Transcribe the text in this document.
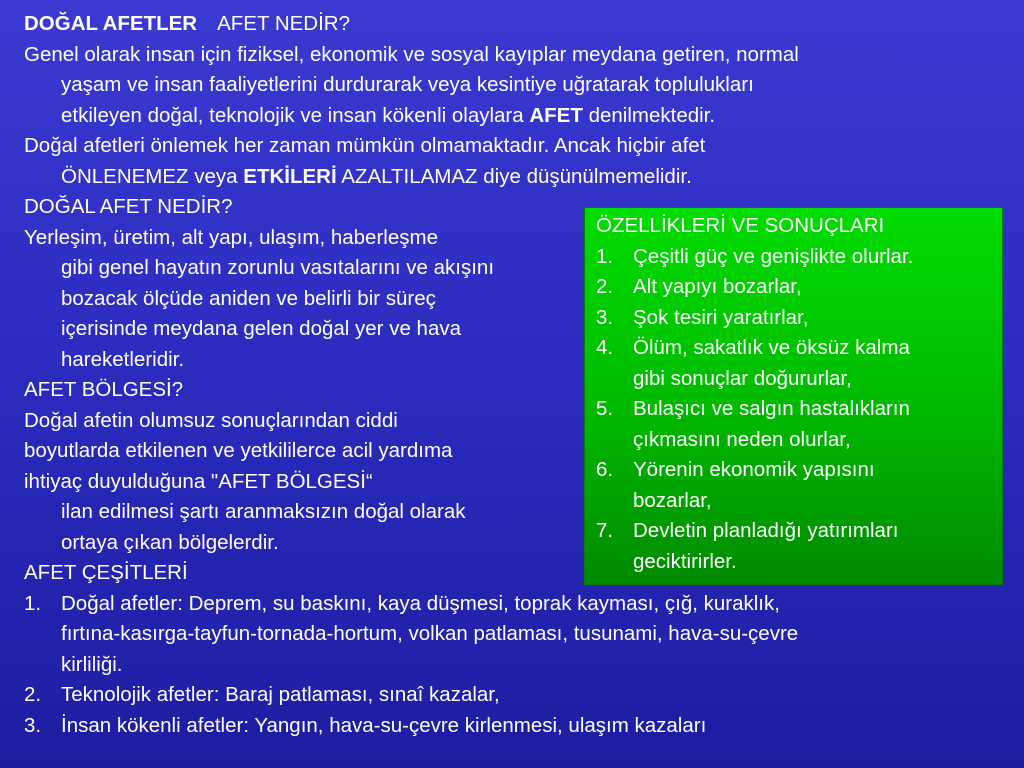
DOĞAL AFETLER AFET NEDİR?

Genel olarak insan için fiziksel, ekonomik ve sosyal kayıplar meydana getiren, normal

yaşam ve insan faaliyetlerini durdurarak veya kesintiye uğratarak toplulukları

etkileyen doğal, teknolojik ve insan kökenli olaylara AFET denilmektedir.

Doğal afetleri önlemek her zaman mümkün olmamaktadır. Ancak hiçbir afet

ÖNLENEMEZ veya ETKİLERİ AZALTILAMAZ diye düşünülmemelidir.

DOĞAL AFET NEDİR?

Yerleşim, üretim, alt yapı, ulaşım, haberleşme

gibi genel hayatın zorunlu vasıtalarını ve akışını

bozacak ölçüde aniden ve belirli bir süreç

içerisinde meydana gelen doğal yer ve hava

hareketleridir.

AFET BÖLGESİ?

Doğal afetin olumsuz sonuçlarından ciddi

boyutlarda etkilenen ve yetkililerce acil yardıma

ihtiyaç duyulduğuna "AFET BÖLGESİ“

ilan edilmesi şartı aranmaksızın doğal olarak

ortaya çıkan bölgelerdir.

AFET ÇEŞİTLERİ

1. Doğal afetler: Deprem, su baskını, kaya düşmesi, toprak kayması, çığ, kuraklık,

fırtına-kasırga-tayfun-tornada-hortum, volkan patlaması, tusunami, hava-su-çevre

kirliliği.

2. Teknolojik afetler: Baraj patlaması, sınaî kazalar,

3. İnsan kökenli afetler: Yangın, hava-su-çevre kirlenmesi, ulaşım kazaları

ÖZELLİKLERİ VE SONUÇLARI

1. Çeşitli güç ve genişlikte olurlar.

2. Alt yapıyı bozarlar,

3. Şok tesiri yaratırlar,

4. Ölüm, sakatlık ve öksüz kalma

gibi sonuçlar doğururlar,

5. Bulaşıcı ve salgın hastalıkların

çıkmasını neden olurlar,

6. Yörenin ekonomik yapısını

bozarlar,

7. Devletin planladığı yatırımları

geciktirirler.
